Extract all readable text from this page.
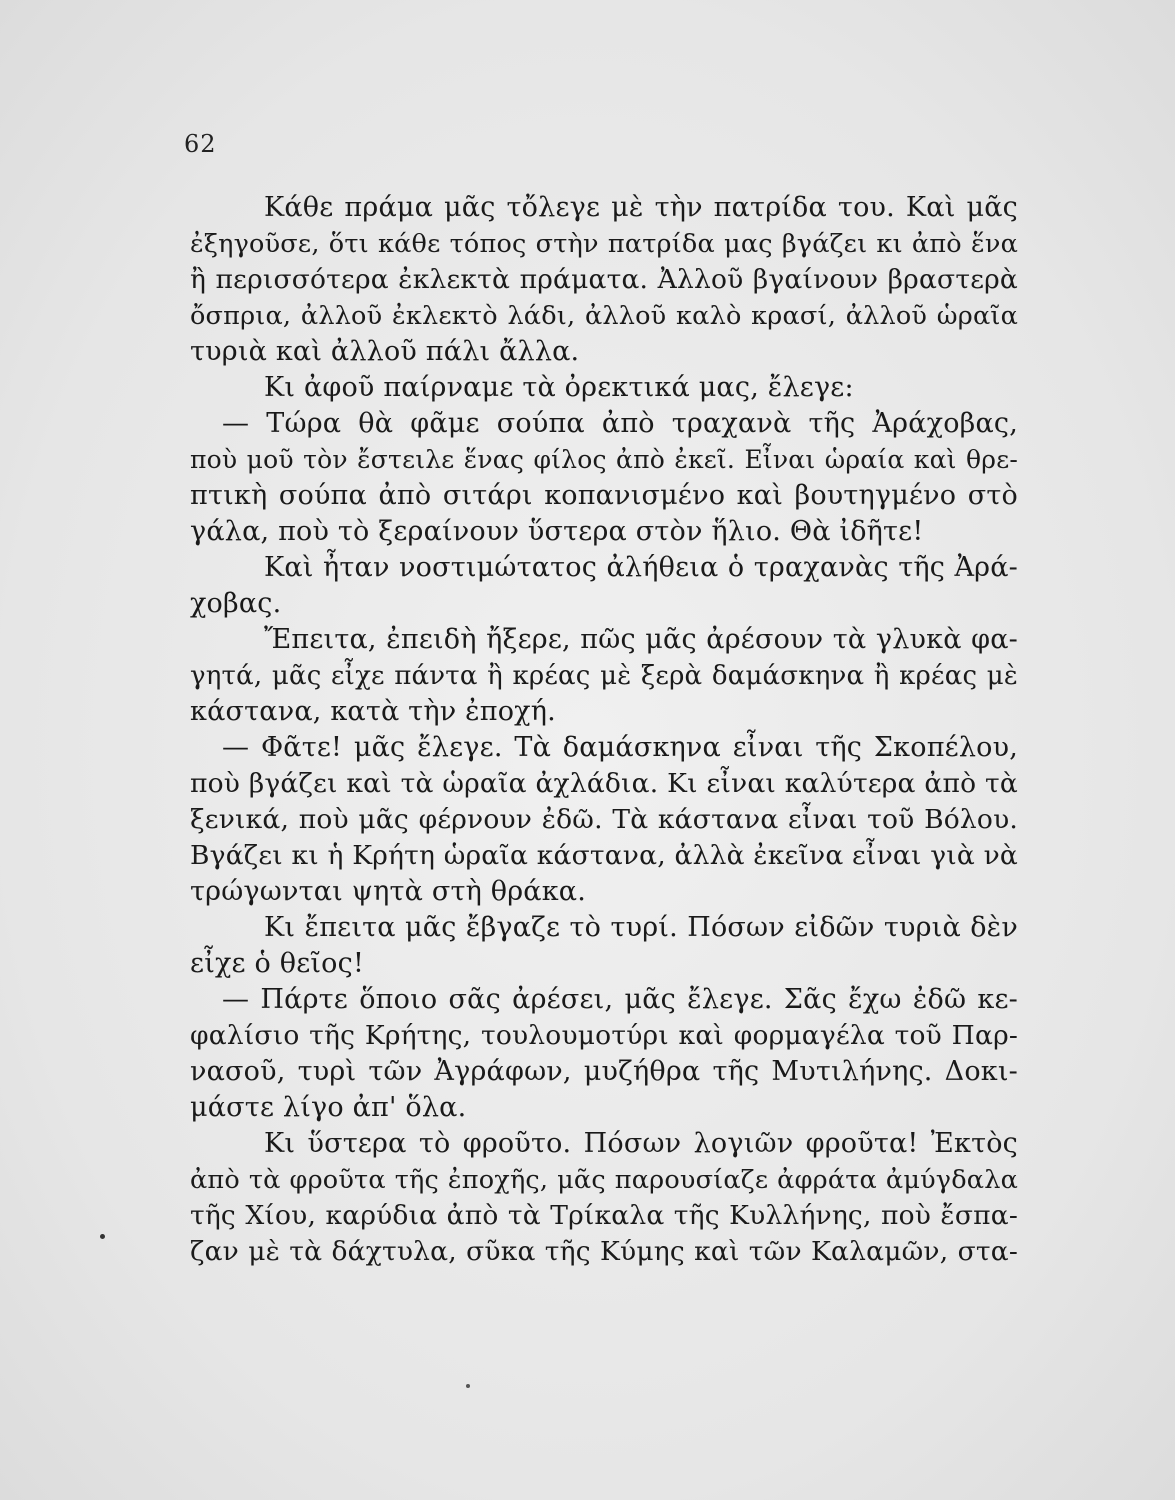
62
Κάθε πράμα μᾶς τὄλεγε μὲ τὴν πατρίδα του. Καὶ μᾶς
ἐξηγοῦσε, ὅτι κάθε τόπος στὴν πατρίδα μας βγάζει κι ἀπὸ ἕνα
ἢ περισσότερα ἐκλεκτὰ πράματα. Ἀλλοῦ βγαίνουν βραστερὰ
ὄσπρια, ἀλλοῦ ἐκλεκτὸ λάδι, ἀλλοῦ καλὸ κρασί, ἀλλοῦ ὡραῖα
τυριὰ καὶ ἀλλοῦ πάλι ἄλλα.
Κι ἀφοῦ παίρναμε τὰ ὀρεκτικά μας, ἔλεγε:
— Τώρα θὰ φᾶμε σούπα ἀπὸ τραχανὰ τῆς Ἀράχοβας,
ποὺ μοῦ τὸν ἔστειλε ἕνας φίλος ἀπὸ ἐκεῖ. Εἶναι ὡραία καὶ θρε-
πτικὴ σούπα ἀπὸ σιτάρι κοπανισμένο καὶ βουτηγμένο στὸ
γάλα, ποὺ τὸ ξεραίνουν ὕστερα στὸν ἥλιο. Θὰ ἰδῆτε!
Καὶ ἦταν νοστιμώτατος ἀλήθεια ὁ τραχανὰς τῆς Ἀρά-
χοβας.
Ἔπειτα, ἐπειδὴ ἤξερε, πῶς μᾶς ἀρέσουν τὰ γλυκὰ φα-
γητά, μᾶς εἶχε πάντα ἢ κρέας μὲ ξερὰ δαμάσκηνα ἢ κρέας μὲ
κάστανα, κατὰ τὴν ἐποχή.
— Φᾶτε! μᾶς ἔλεγε. Τὰ δαμάσκηνα εἶναι τῆς Σκοπέλου,
ποὺ βγάζει καὶ τὰ ὡραῖα ἀχλάδια. Κι εἶναι καλύτερα ἀπὸ τὰ
ξενικά, ποὺ μᾶς φέρνουν ἐδῶ. Τὰ κάστανα εἶναι τοῦ Βόλου.
Βγάζει κι ἡ Κρήτη ὡραῖα κάστανα, ἀλλὰ ἐκεῖνα εἶναι γιὰ νὰ
τρώγωνται ψητὰ στὴ θράκα.
Κι ἔπειτα μᾶς ἔβγαζε τὸ τυρί. Πόσων εἰδῶν τυριὰ δὲν
εἶχε ὁ θεῖος!
— Πάρτε ὅποιο σᾶς ἀρέσει, μᾶς ἔλεγε. Σᾶς ἔχω ἐδῶ κε-
φαλίσιο τῆς Κρήτης, τουλουμοτύρι καὶ φορμαγέλα τοῦ Παρ-
νασοῦ, τυρὶ τῶν Ἀγράφων, μυζήθρα τῆς Μυτιλήνης. Δοκι-
μάστε λίγο ἀπ' ὅλα.
Κι ὕστερα τὸ φροῦτο. Πόσων λογιῶν φροῦτα! Ἐκτὸς
ἀπὸ τὰ φροῦτα τῆς ἐποχῆς, μᾶς παρουσίαζε ἀφράτα ἀμύγδαλα
τῆς Χίου, καρύδια ἀπὸ τὰ Τρίκαλα τῆς Κυλλήνης, ποὺ ἔσπα-
ζαν μὲ τὰ δάχτυλα, σῦκα τῆς Κύμης καὶ τῶν Καλαμῶν, στα-
